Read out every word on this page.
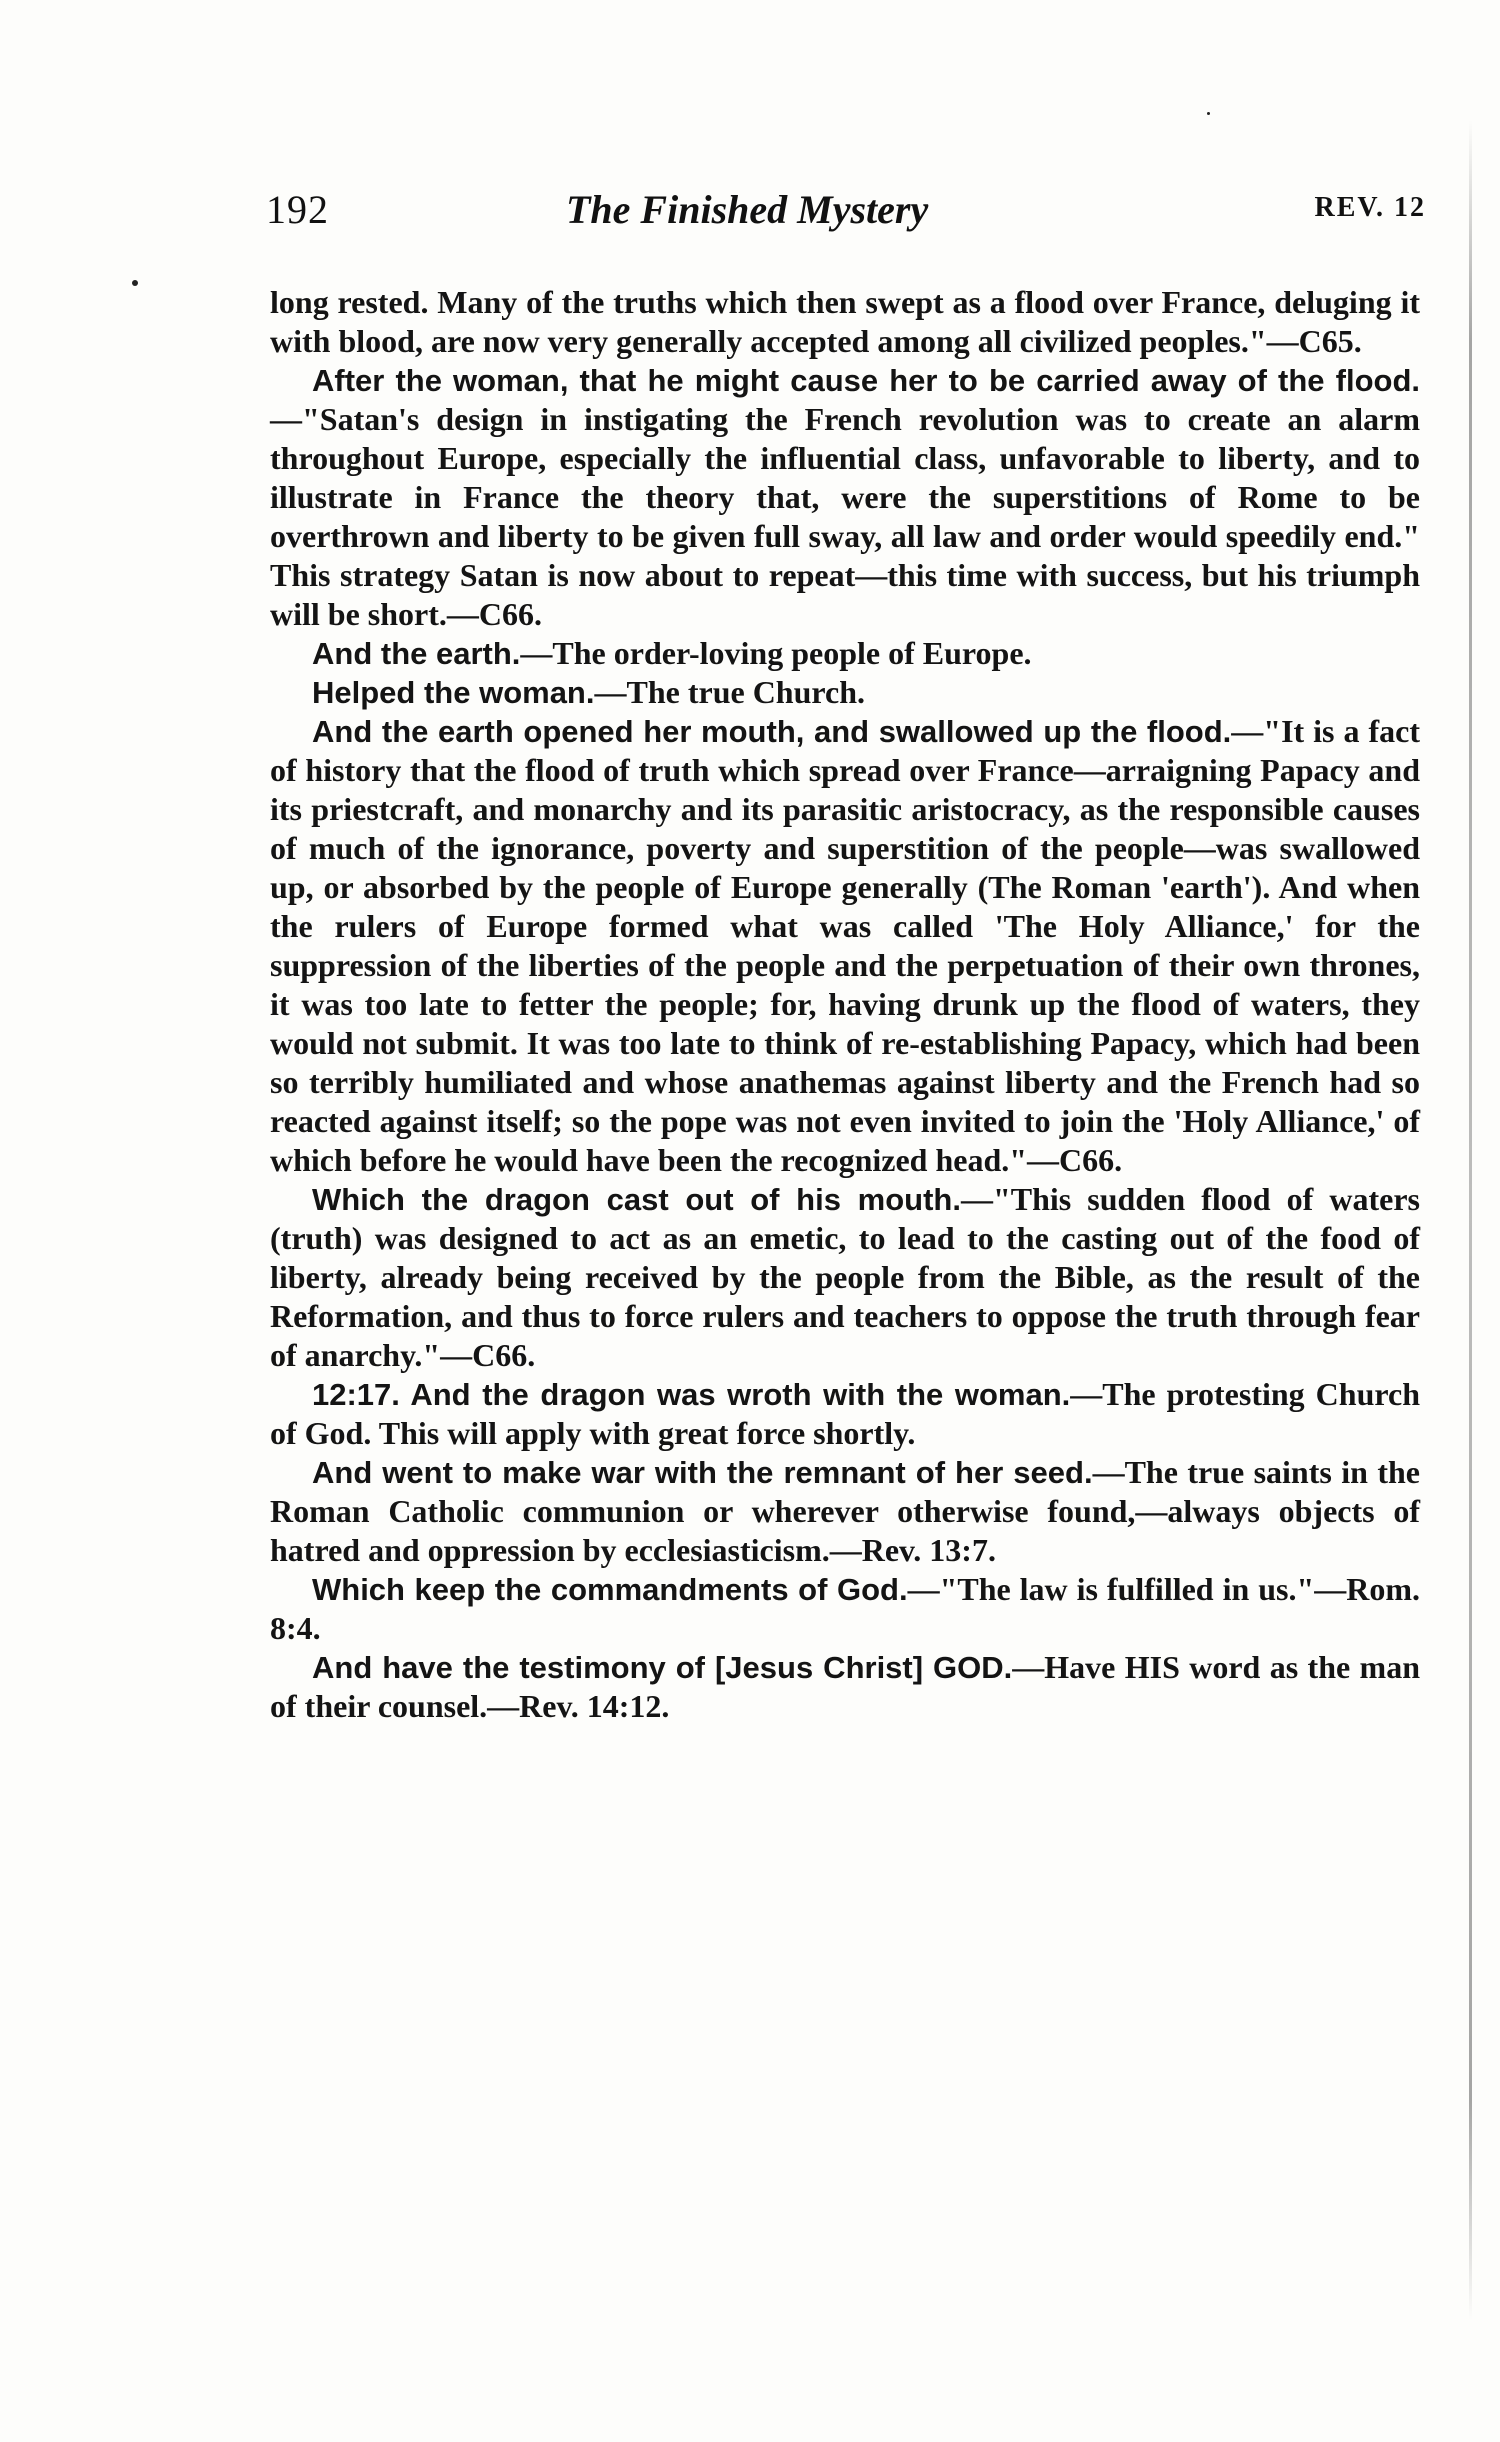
192	The Finished Mystery	REV. 12

long rested. Many of the truths which then swept as a flood over France, deluging it with blood, are now very generally accepted among all civilized peoples."—C65.

After the woman, that he might cause her to be carried away of the flood.—"Satan's design in instigating the French revolution was to create an alarm throughout Europe, especially the influential class, unfavorable to liberty, and to illustrate in France the theory that, were the superstitions of Rome to be overthrown and liberty to be given full sway, all law and order would speedily end." This strategy Satan is now about to repeat—this time with success, but his triumph will be short.—C66.

And the earth.—The order-loving people of Europe.

Helped the woman.—The true Church.

And the earth opened her mouth, and swallowed up the flood.—"It is a fact of history that the flood of truth which spread over France—arraigning Papacy and its priestcraft, and monarchy and its parasitic aristocracy, as the responsible causes of much of the ignorance, poverty and superstition of the people—was swallowed up, or absorbed by the people of Europe generally (The Roman 'earth'). And when the rulers of Europe formed what was called 'The Holy Alliance,' for the suppression of the liberties of the people and the perpetuation of their own thrones, it was too late to fetter the people; for, having drunk up the flood of waters, they would not submit. It was too late to think of re-establishing Papacy, which had been so terribly humiliated and whose anathemas against liberty and the French had so reacted against itself; so the pope was not even invited to join the 'Holy Alliance,' of which before he would have been the recognized head."—C66.

Which the dragon cast out of his mouth.—"This sudden flood of waters (truth) was designed to act as an emetic, to lead to the casting out of the food of liberty, already being received by the people from the Bible, as the result of the Reformation, and thus to force rulers and teachers to oppose the truth through fear of anarchy."—C66.

12:17. And the dragon was wroth with the woman.—The protesting Church of God. This will apply with great force shortly.

And went to make war with the remnant of her seed.—The true saints in the Roman Catholic communion or wherever otherwise found,—always objects of hatred and oppression by ecclesiasticism.—Rev. 13:7.

Which keep the commandments of God.—"The law is fulfilled in us."—Rom. 8:4.

And have the testimony of [Jesus Christ] GOD.—Have HIS word as the man of their counsel.—Rev. 14:12.
